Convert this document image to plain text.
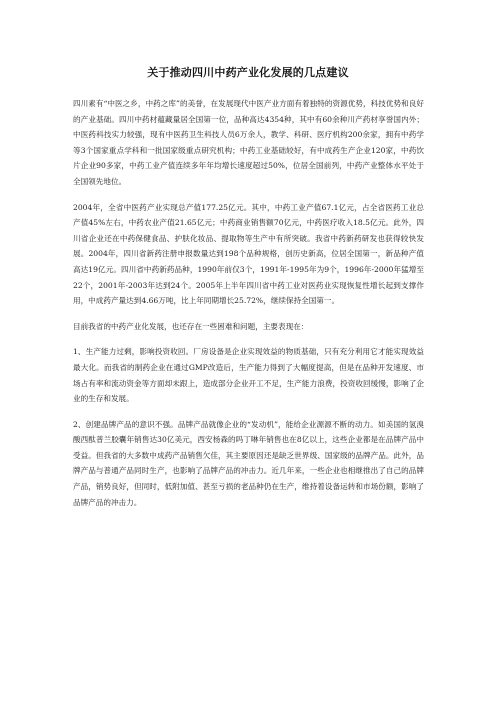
关于推动四川中药产业化发展的几点建议

四川素有“中医之乡，中药之库”的美誉，在发展现代中医产业方面有着独特的资源优势，科技优势和良好的产业基础。四川中药材蕴藏量居全国第一位，品种高达4354种，其中有60余种川产药材享誉国内外；中医药科技实力较强，现有中医药卫生科技人员6万余人，教学、科研、医疗机构200余家，拥有中药学等3个国家重点学科和一批国家级重点研究机构；中药工业基础较好，有中成药生产企业120家，中药饮片企业90多家，中药工业产值连续多年年均增长速度超过50%，位居全国前列，中药产业整体水平处于全国领先地位。

2004年，全省中医药产业实现总产值177.25亿元。其中，中药工业产值67.1亿元，占全省医药工业总产值45%左右，中药农业产值21.65亿元；中药商业销售额70亿元，中药医疗收入18.5亿元。此外，四川省企业还在中药保健食品、护肤化妆品、提取物等生产中有所突破。我省中药新药研发也获得较快发展。2004年，四川省新药注册申报数量达到198个品种规格，创历史新高，位居全国第一，新品种产值高达19亿元。四川省中药新药品种，1990年前仅3个，1991年-1995年为9个，1996年-2000年猛增至22个，2001年-2003年达到24个。2005年上半年四川省中药工业对医药业实现恢复性增长起到支撑作用，中成药产量达到4.66万吨，比上年同期增长25.72%，继续保持全国第一。

目前我省的中药产业化发展，也还存在一些困难和问题，主要表现在：

1、生产能力过剩，影响投资收回。厂房设备是企业实现效益的物质基础，只有充分利用它才能实现效益最大化。而我省的制药企业在通过GMP改造后，生产能力得到了大幅度提高，但是在品种开发速度、市场占有率和流动资金等方面却未跟上，造成部分企业开工不足，生产能力浪费，投资收回缓慢，影响了企业的生存和发展。

2、创建品牌产品的意识不强。品牌产品就像企业的“发动机”，能给企业源源不断的动力。如美国的氢溴酸西酞普兰胶囊年销售达30亿美元，西安杨森的吗丁啉年销售也在8亿以上，这些企业都是在品牌产品中受益。但我省的大多数中成药产品销售欠佳，其主要原因还是缺乏世界级、国家级的品牌产品。此外，品牌产品与普通产品同时生产，也影响了品牌产品的冲击力。近几年来，一些企业也相继推出了自己的品牌产品，销势良好，但同时，低附加值、甚至亏损的老品种仍在生产，维持着设备运转和市场份额，影响了品牌产品的冲击力。
